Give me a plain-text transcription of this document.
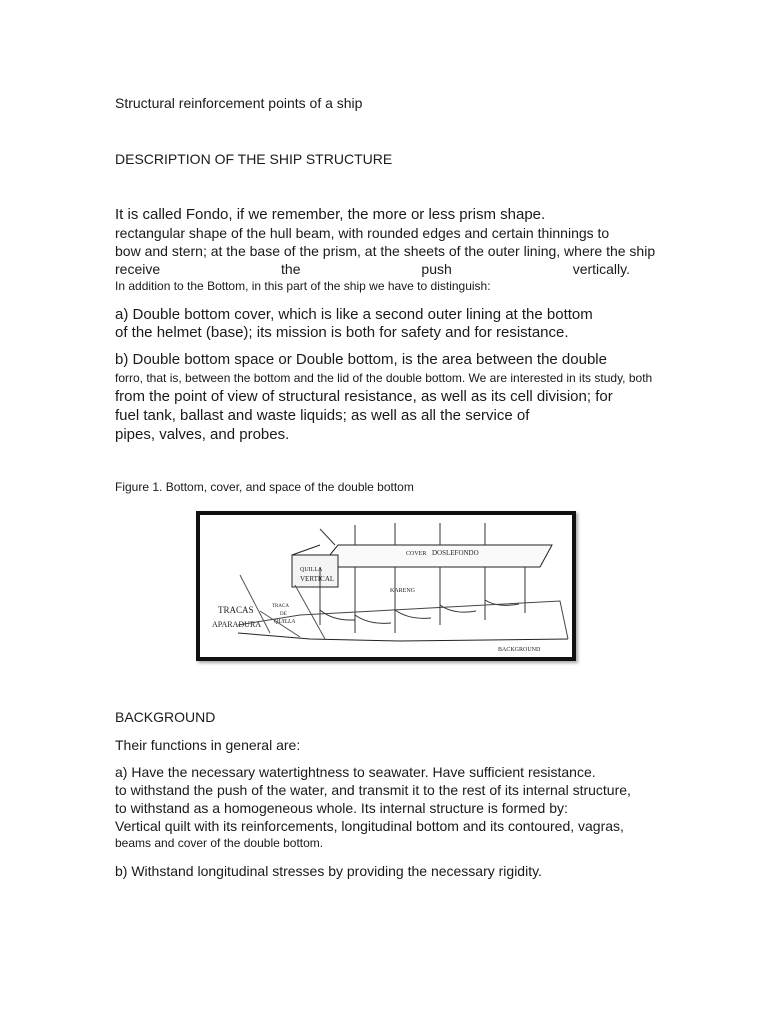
Structural reinforcement points of a ship
DESCRIPTION OF THE SHIP STRUCTURE
It is called Fondo, if we remember, the more or less prism shape.
rectangular shape of the hull beam, with rounded edges and certain thinnings to
bow and stern; at the base of the prism, at the sheets of the outer lining, where the ship
receive	the	push	vertically.
In addition to the Bottom, in this part of the ship we have to distinguish:
a) Double bottom cover, which is like a second outer lining at the bottom
of the helmet (base); its mission is both for safety and for resistance.
b) Double bottom space or Double bottom, is the area between the double
forro, that is, between the bottom and the lid of the double bottom. We are interested in its study, both
from the point of view of structural resistance, as well as its cell division; for
fuel tank, ballast and waste liquids; as well as all the service of
pipes, valves, and probes.
Figure 1. Bottom, cover, and space of the double bottom
COVER DOSLEFONDO
QUILLA
VERTICAL
KARENG
TRACAS
APARADURA
TRACA
DE
QUILLA
BACKGROUND
BACKGROUND
Their functions in general are:
a) Have the necessary watertightness to seawater. Have sufficient resistance.
to withstand the push of the water, and transmit it to the rest of its internal structure,
to withstand as a homogeneous whole. Its internal structure is formed by:
Vertical quilt with its reinforcements, longitudinal bottom and its contoured, vagras,
beams and cover of the double bottom.
b) Withstand longitudinal stresses by providing the necessary rigidity.
